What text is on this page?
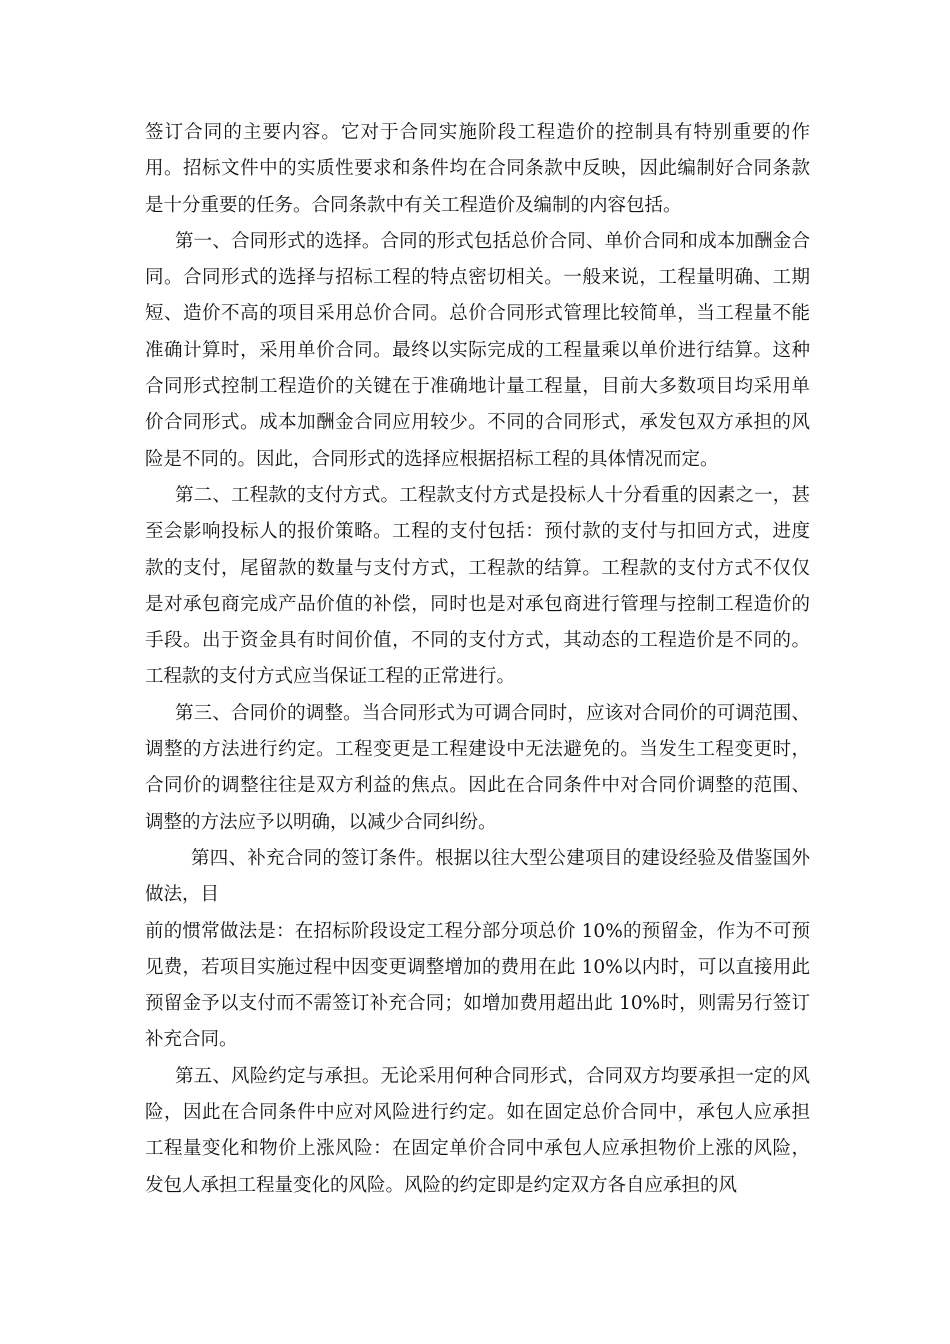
签订合同的主要内容。它对于合同实施阶段工程造价的控制具有特别重要的作用。招标文件中的实质性要求和条件均在合同条款中反映，因此编制好合同条款是十分重要的任务。合同条款中有关工程造价及编制的内容包括。

第一、合同形式的选择。合同的形式包括总价合同、单价合同和成本加酬金合同。合同形式的选择与招标工程的特点密切相关。一般来说，工程量明确、工期短、造价不高的项目采用总价合同。总价合同形式管理比较简单，当工程量不能准确计算时，采用单价合同。最终以实际完成的工程量乘以单价进行结算。这种合同形式控制工程造价的关键在于准确地计量工程量，目前大多数项目均采用单价合同形式。成本加酬金合同应用较少。不同的合同形式，承发包双方承担的风险是不同的。因此，合同形式的选择应根据招标工程的具体情况而定。

第二、工程款的支付方式。工程款支付方式是投标人十分看重的因素之一，甚至会影响投标人的报价策略。工程的支付包括：预付款的支付与扣回方式，进度款的支付，尾留款的数量与支付方式，工程款的结算。工程款的支付方式不仅仅是对承包商完成产品价值的补偿，同时也是对承包商进行管理与控制工程造价的手段。出于资金具有时间价值，不同的支付方式，其动态的工程造价是不同的。工程款的支付方式应当保证工程的正常进行。

第三、合同价的调整。当合同形式为可调合同时，应该对合同价的可调范围、调整的方法进行约定。工程变更是工程建设中无法避免的。当发生工程变更时，合同价的调整往往是双方利益的焦点。因此在合同条件中对合同价调整的范围、调整的方法应予以明确，以减少合同纠纷。

第四、补充合同的签订条件。根据以往大型公建项目的建设经验及借鉴国外做法，目

前的惯常做法是：在招标阶段设定工程分部分项总价 10%的预留金，作为不可预见费，若项目实施过程中因变更调整增加的费用在此 10%以内时，可以直接用此预留金予以支付而不需签订补充合同；如增加费用超出此 10%时，则需另行签订补充合同。

第五、风险约定与承担。无论采用何种合同形式，合同双方均要承担一定的风险，因此在合同条件中应对风险进行约定。如在固定总价合同中，承包人应承担工程量变化和物价上涨风险：在固定单价合同中承包人应承担物价上涨的风险，发包人承担工程量变化的风险。风险的约定即是约定双方各自应承担的风
